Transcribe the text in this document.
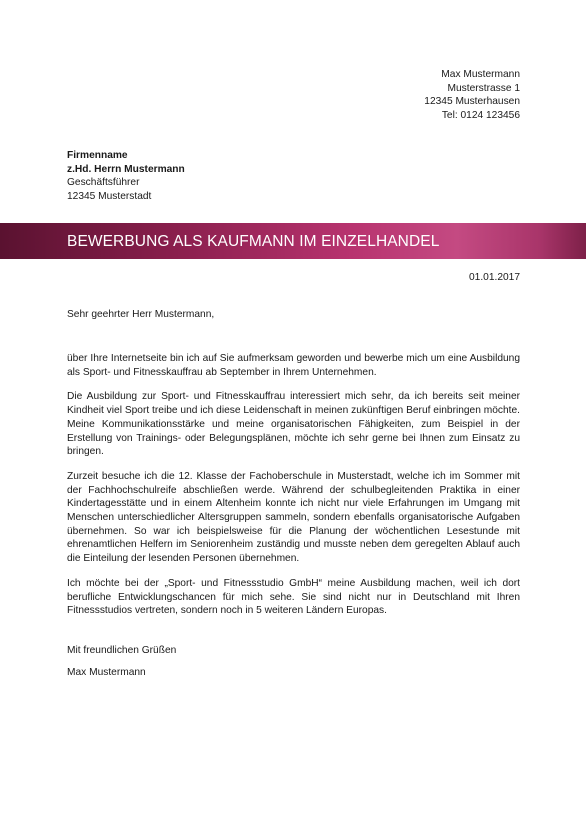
Max Mustermann
Musterstrasse 1
12345 Musterhausen
Tel: 0124 123456
Firmenname
z.Hd. Herrn Mustermann
Geschäftsführer
12345 Musterstadt
BEWERBUNG ALS KAUFMANN IM EINZELHANDEL
01.01.2017
Sehr geehrter Herr Mustermann,

über Ihre Internetseite bin ich auf Sie aufmerksam geworden und bewerbe mich um eine Ausbildung als Sport- und Fitnesskauffrau ab September in Ihrem Unternehmen.

Die Ausbildung zur Sport- und Fitnesskauffrau interessiert mich sehr, da ich bereits seit meiner Kindheit viel Sport treibe und ich diese Leidenschaft in meinen zukünftigen Beruf einbringen möchte. Meine Kommunikationsstärke und meine organisatorischen Fähigkeiten, zum Beispiel in der Erstellung von Trainings- oder Belegungsplänen, möchte ich sehr gerne bei Ihnen zum Einsatz zu bringen.

Zurzeit besuche ich die 12. Klasse der Fachoberschule in Musterstadt, welche ich im Sommer mit der Fachhochschulreife abschließen werde. Während der schulbegleitenden Praktika in einer Kindertagesstätte und in einem Altenheim konnte ich nicht nur viele Erfahrungen im Umgang mit Menschen unterschiedlicher Altersgruppen sammeln, sondern ebenfalls organisatorische Aufgaben übernehmen. So war ich beispielsweise für die Planung der wöchentlichen Lesestunde mit ehrenamtlichen Helfern im Seniorenheim zuständig und musste neben dem geregelten Ablauf auch die Einteilung der lesenden Personen übernehmen.

Ich möchte bei der „Sport- und Fitnessstudio GmbH“ meine Ausbildung machen, weil ich dort berufliche Entwicklungschancen für mich sehe. Sie sind nicht nur in Deutschland mit Ihren Fitnessstudios vertreten, sondern noch in 5 weiteren Ländern Europas.

Mit freundlichen Grüßen
Max Mustermann
